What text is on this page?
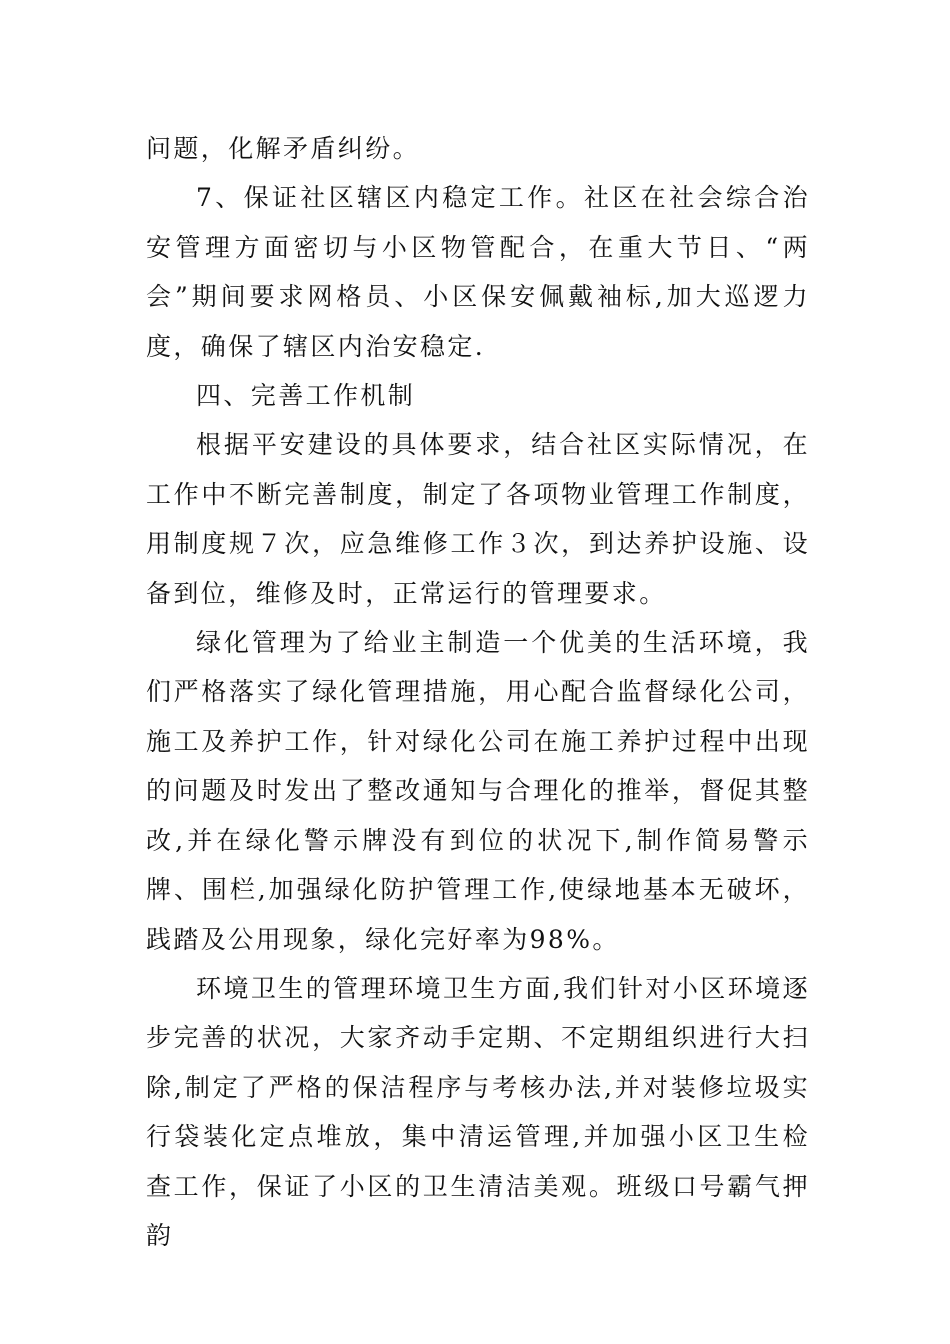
问题，化解矛盾纠纷。

7、保证社区辖区内稳定工作。社区在社会综合治安管理方面密切与小区物管配合，在重大节日、“两会”期间要求网格员、小区保安佩戴袖标,加大巡逻力度，确保了辖区内治安稳定.

四、完善工作机制

根据平安建设的具体要求，结合社区实际情况，在工作中不断完善制度，制定了各项物业管理工作制度，用制度规７次，应急维修工作３次，到达养护设施、设备到位，维修及时，正常运行的管理要求。

绿化管理为了给业主制造一个优美的生活环境，我们严格落实了绿化管理措施，用心配合监督绿化公司，施工及养护工作，针对绿化公司在施工养护过程中出现的问题及时发出了整改通知与合理化的推举，督促其整改,并在绿化警示牌没有到位的状况下,制作简易警示牌、围栏,加强绿化防护管理工作,使绿地基本无破坏，践踏及公用现象，绿化完好率为98%。

环境卫生的管理环境卫生方面,我们针对小区环境逐步完善的状况，大家齐动手定期、不定期组织进行大扫除,制定了严格的保洁程序与考核办法,并对装修垃圾实行袋装化定点堆放，集中清运管理,并加强小区卫生检查工作，保证了小区的卫生清洁美观。班级口号霸气押韵
